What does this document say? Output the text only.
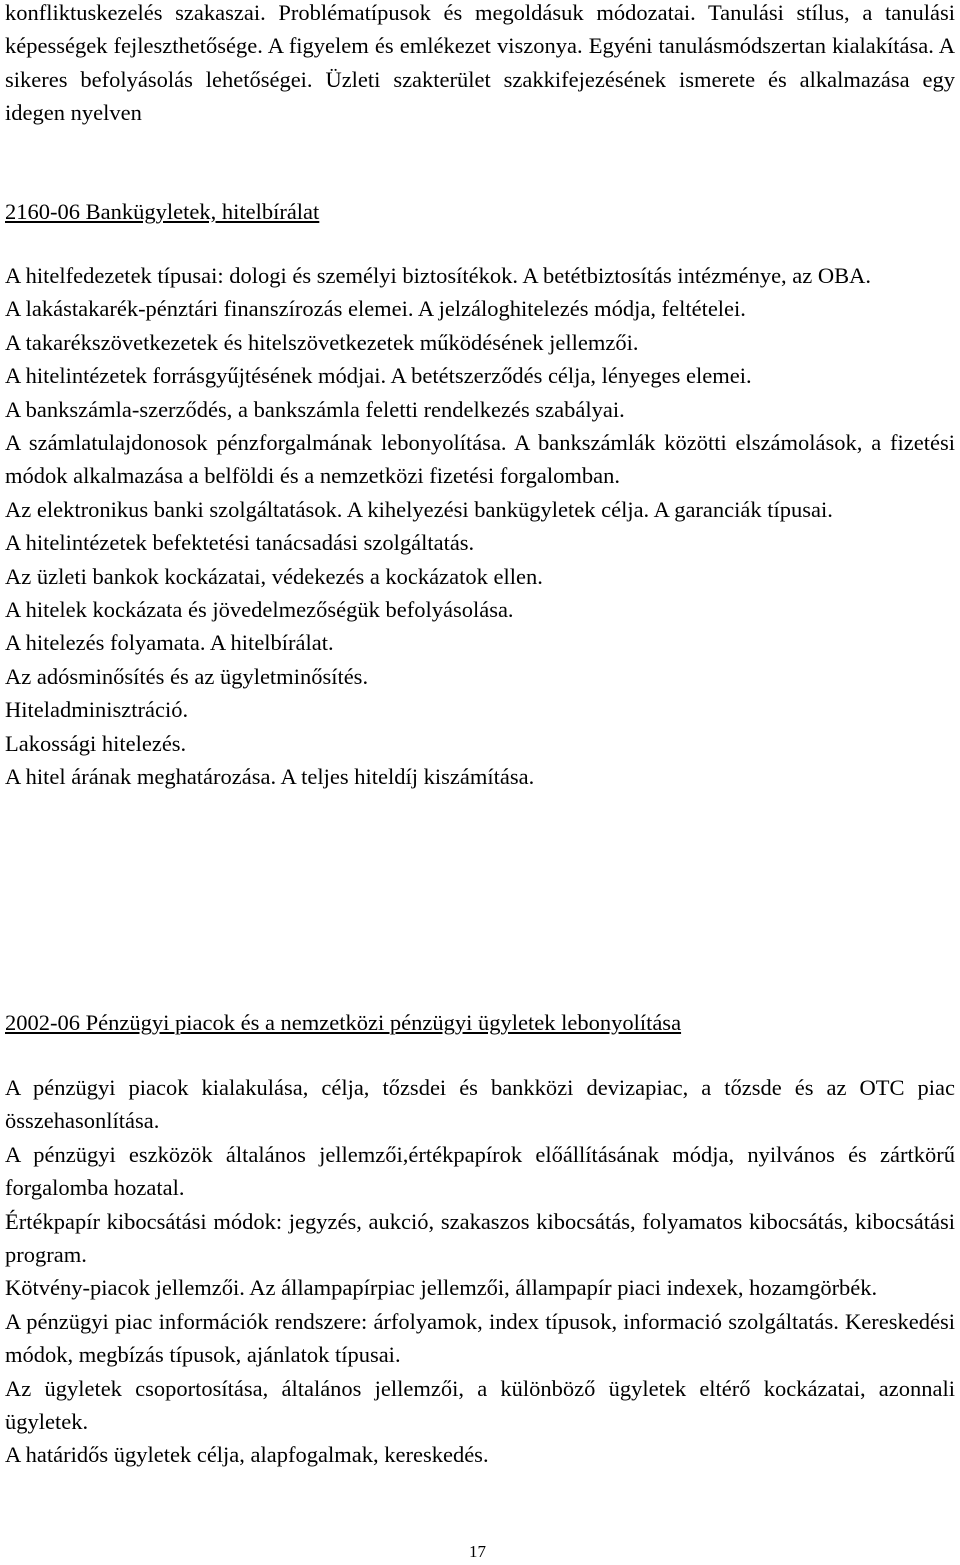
konfliktuskezelés szakaszai. Problématípusok és megoldásuk módozatai. Tanulási stílus, a tanulási képességek fejleszthetősége. A figyelem és emlékezet viszonya. Egyéni tanulásmódszertan kialakítása. A sikeres befolyásolás lehetőségei. Üzleti szakterület szakkifejezésének ismerete és alkalmazása egy idegen nyelven

2160-06 Bankügyletek, hitelbírálat

A hitelfedezetek típusai: dologi és személyi biztosítékok. A betétbiztosítás intézménye, az OBA.

A lakástakarék-pénztári finanszírozás elemei. A jelzáloghitelezés módja, feltételei.

A takarékszövetkezetek és hitelszövetkezetek működésének jellemzői.

A hitelintézetek forrásgyűjtésének módjai. A betétszerződés célja, lényeges elemei.

A bankszámla-szerződés, a bankszámla feletti rendelkezés szabályai.

A számlatulajdonosok pénzforgalmának lebonyolítása. A bankszámlák közötti elszámolások, a fizetési módok alkalmazása a belföldi és a nemzetközi fizetési forgalomban.

Az elektronikus banki szolgáltatások. A kihelyezési bankügyletek célja. A garanciák típusai.

A hitelintézetek befektetési tanácsadási szolgáltatás.

Az üzleti bankok kockázatai, védekezés a kockázatok ellen.

A hitelek kockázata és jövedelmezőségük befolyásolása.

A hitelezés folyamata. A hitelbírálat.

Az adósminősítés és az ügyletminősítés.

Hiteladminisztráció.

Lakossági hitelezés.

A hitel árának meghatározása. A teljes hiteldíj kiszámítása.

2002-06 Pénzügyi piacok és a nemzetközi pénzügyi ügyletek lebonyolítása

A pénzügyi piacok kialakulása, célja, tőzsdei és bankközi devizapiac, a tőzsde és az OTC piac összehasonlítása.

A pénzügyi eszközök általános jellemzői,értékpapírok előállításának módja, nyilvános és zártkörű forgalomba hozatal.

Értékpapír kibocsátási módok: jegyzés, aukció, szakaszos kibocsátás, folyamatos kibocsátás, kibocsátási program.

Kötvény-piacok jellemzői. Az állampapírpiac jellemzői, állampapír piaci indexek, hozamgörbék.

A pénzügyi piac információk rendszere: árfolyamok, index típusok, informació szolgáltatás. Kereskedési módok, megbízás típusok, ajánlatok típusai.

Az ügyletek csoportosítása, általános jellemzői, a különböző ügyletek eltérő kockázatai, azonnali ügyletek.

A határidős ügyletek célja, alapfogalmak, kereskedés.

17
